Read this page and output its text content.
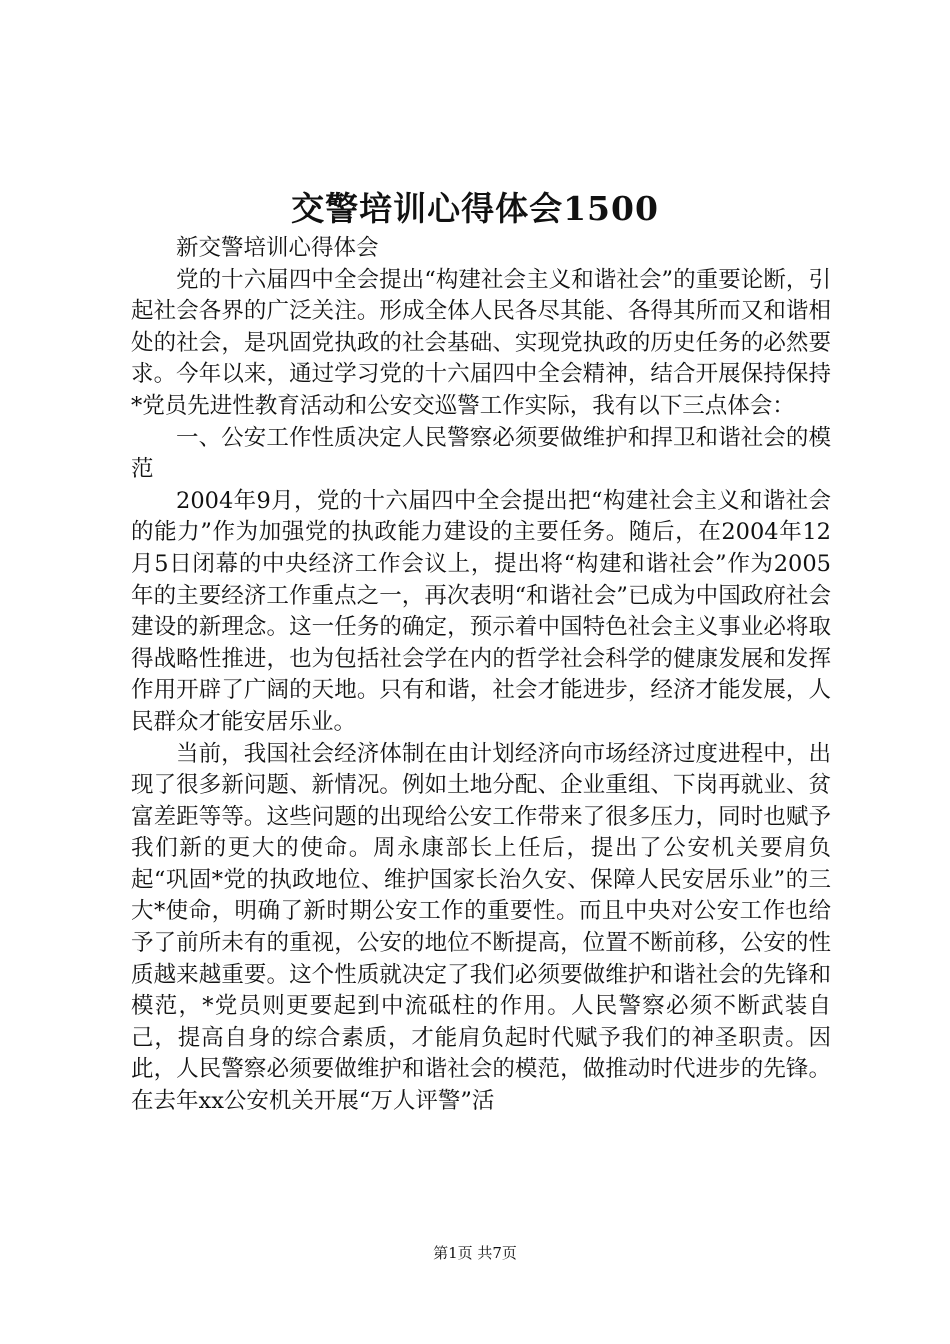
交警培训心得体会1500

新交警培训心得体会

党的十六届四中全会提出“构建社会主义和谐社会”的重要论断，引起社会各界的广泛关注。形成全体人民各尽其能、各得其所而又和谐相处的社会，是巩固党执政的社会基础、实现党执政的历史任务的必然要求。今年以来，通过学习党的十六届四中全会精神，结合开展保持保持*党员先进性教育活动和公安交巡警工作实际，我有以下三点体会：

一、公安工作性质决定人民警察必须要做维护和捍卫和谐社会的模范

2004年9月，党的十六届四中全会提出把“构建社会主义和谐社会的能力”作为加强党的执政能力建设的主要任务。随后，在2004年12月5日闭幕的中央经济工作会议上，提出将“构建和谐社会”作为2005年的主要经济工作重点之一，再次表明“和谐社会”已成为中国政府社会建设的新理念。这一任务的确定，预示着中国特色社会主义事业必将取得战略性推进，也为包括社会学在内的哲学社会科学的健康发展和发挥作用开辟了广阔的天地。只有和谐，社会才能进步，经济才能发展，人民群众才能安居乐业。

当前，我国社会经济体制在由计划经济向市场经济过度进程中，出现了很多新问题、新情况。例如土地分配、企业重组、下岗再就业、贫富差距等等。这些问题的出现给公安工作带来了很多压力，同时也赋予我们新的更大的使命。周永康部长上任后，提出了公安机关要肩负起“巩固*党的执政地位、维护国家长治久安、保障人民安居乐业”的三大*使命，明确了新时期公安工作的重要性。而且中央对公安工作也给予了前所未有的重视，公安的地位不断提高，位置不断前移，公安的性质越来越重要。这个性质就决定了我们必须要做维护和谐社会的先锋和模范，*党员则更要起到中流砥柱的作用。人民警察必须不断武装自己，提高自身的综合素质，才能肩负起时代赋予我们的神圣职责。因此，人民警察必须要做维护和谐社会的模范，做推动时代进步的先锋。在去年xx公安机关开展“万人评警”活

第1页 共7页
